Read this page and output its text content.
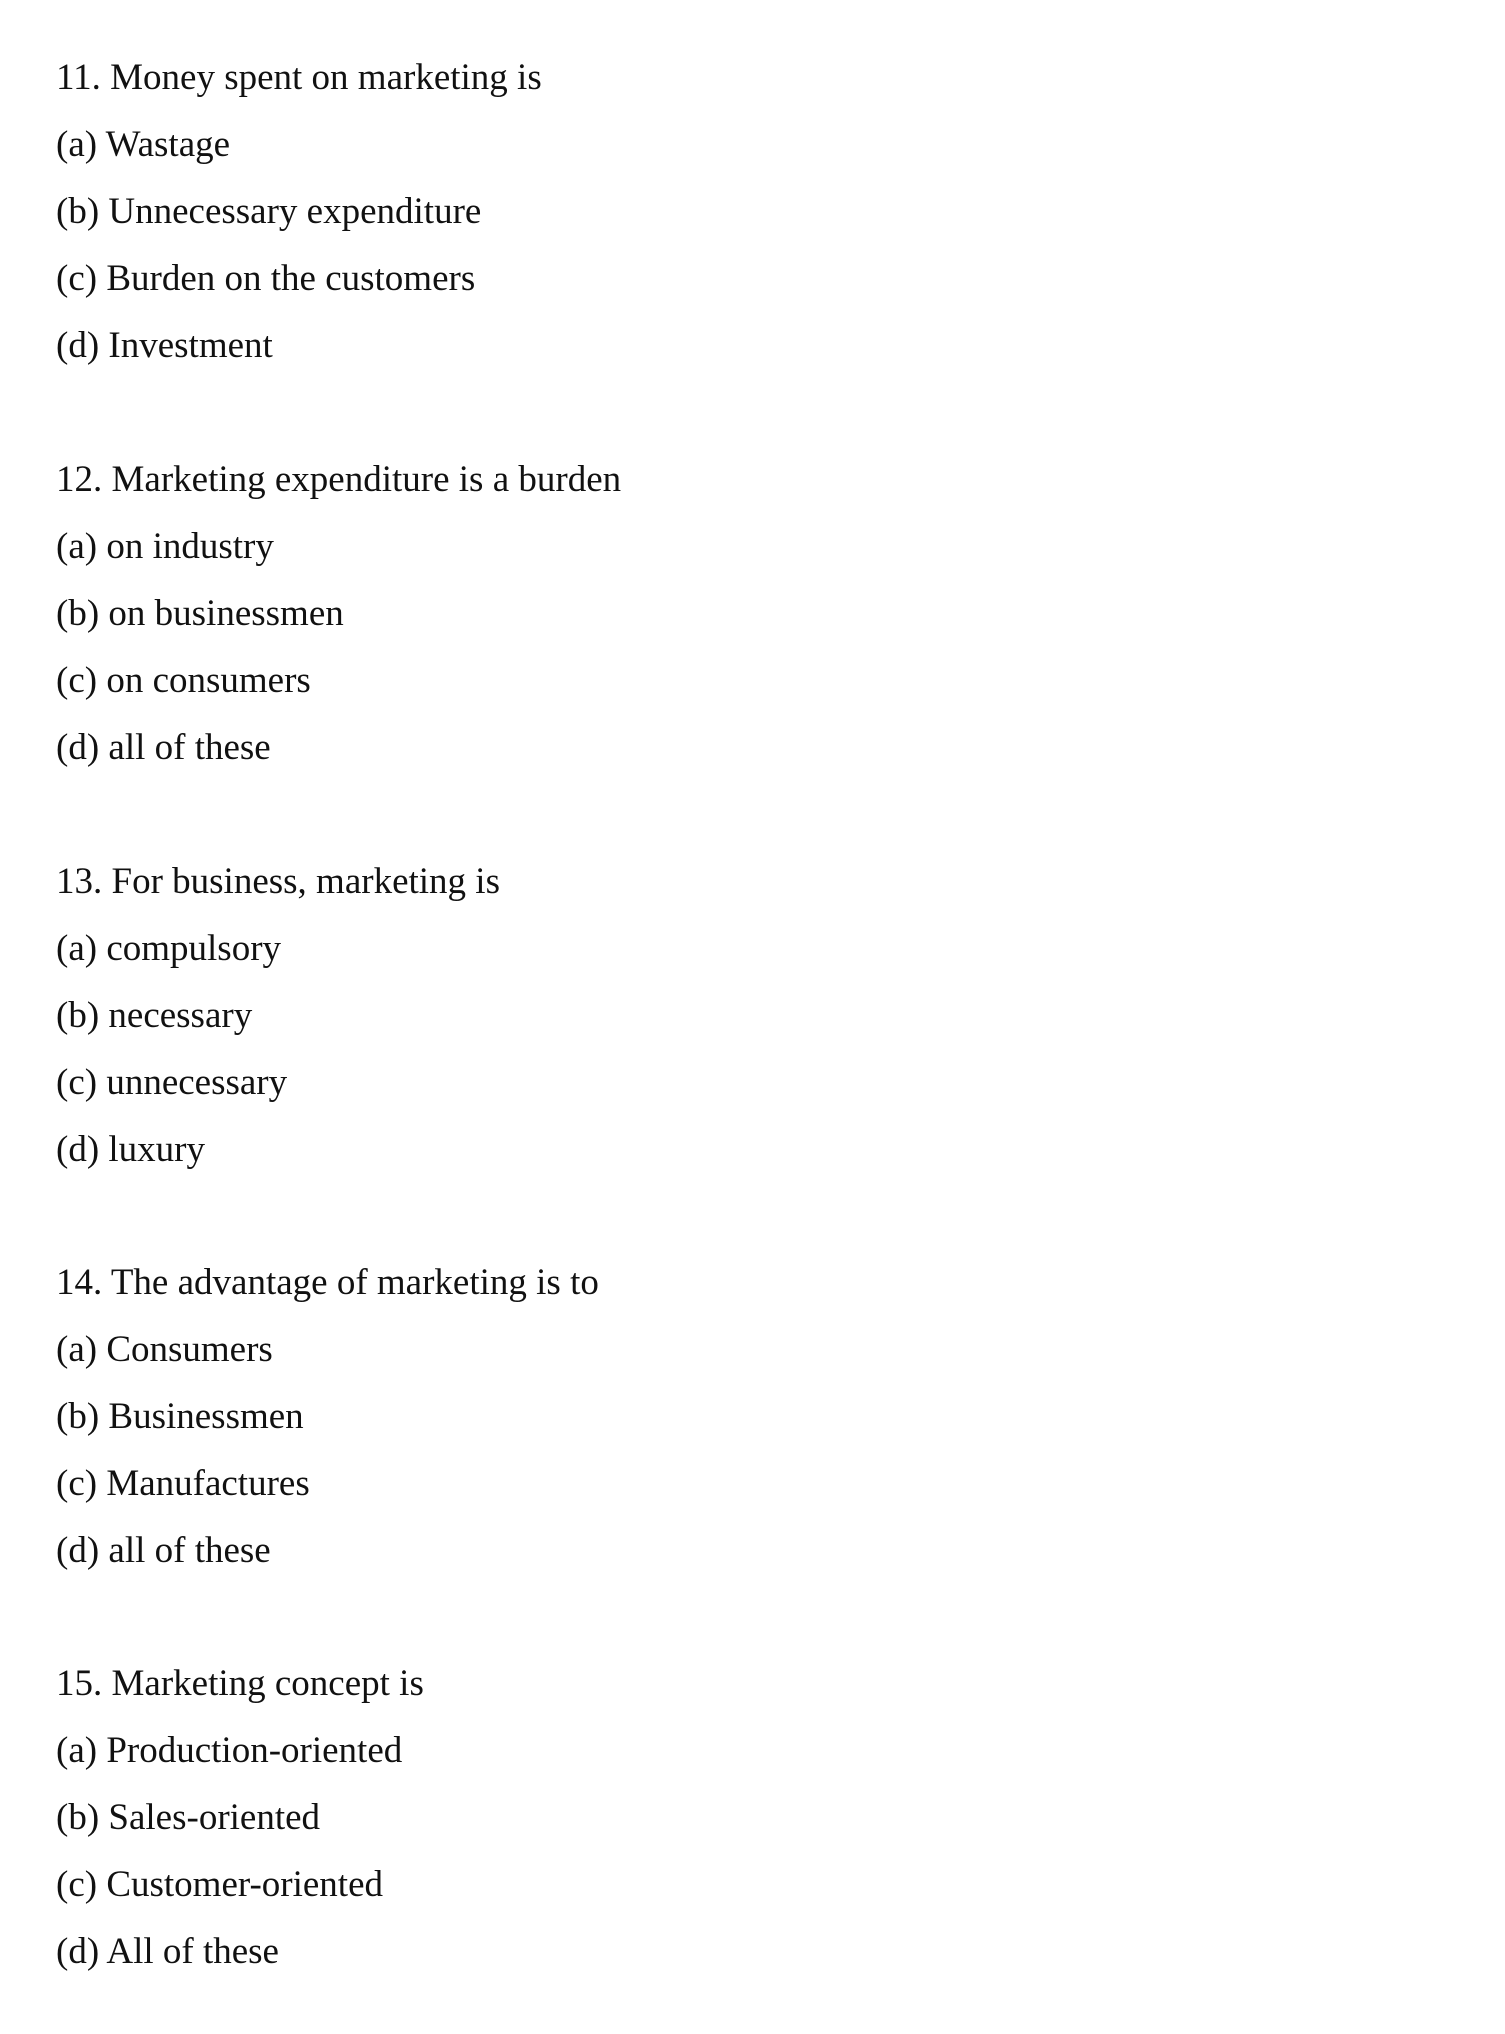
11. Money spent on marketing is
(a) Wastage
(b) Unnecessary expenditure
(c) Burden on the customers
(d) Investment
12. Marketing expenditure is a burden
(a) on industry
(b) on businessmen
(c) on consumers
(d) all of these
13. For business, marketing is
(a) compulsory
(b) necessary
(c) unnecessary
(d) luxury
14. The advantage of marketing is to
(a) Consumers
(b) Businessmen
(c) Manufactures
(d) all of these
15. Marketing concept is
(a) Production-oriented
(b) Sales-oriented
(c) Customer-oriented
(d) All of these
